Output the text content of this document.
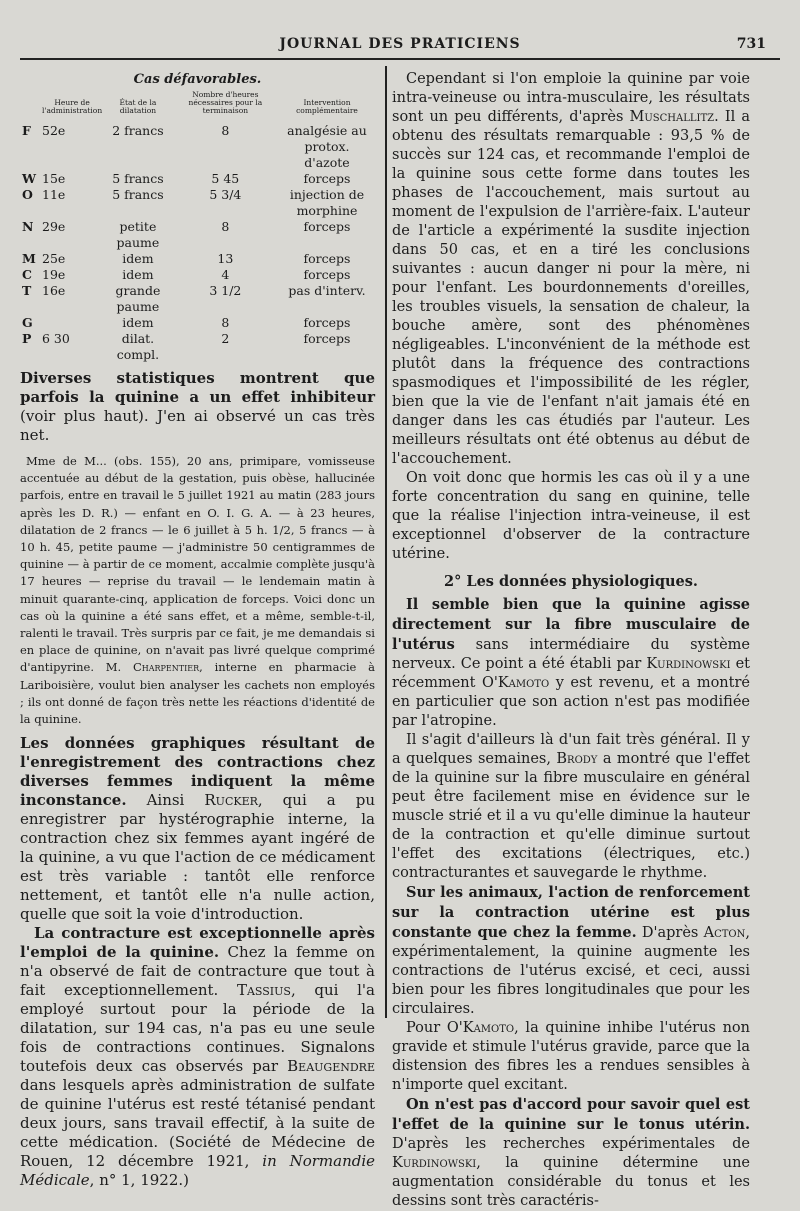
JOURNAL DES PRATICIENS	731
Cas défavorables.
	Heure de l'administration	État de la dilatation	Nombre d'heures nécessaires pour la terminaison	Intervention complémentaire
F	52e	2 francs	8	analgésie au protox. d'azote
W	15e	5 francs	5 45	forceps
O	11e	5 francs	5 3/4	injection de morphine
N	29e	petite paume	8	forceps
M	25e	idem	13	forceps
C	19e	idem	4	forceps
T	16e	grande paume	3 1/2	pas d'interv.
G		idem	8	forceps
P	6 30	dilat. compl.	2	forceps

Diverses statistiques montrent que parfois la quinine a un effet inhibiteur (voir plus haut). J'en ai observé un cas très net.

Mme de M... (obs. 155), 20 ans, primipare, vomisseuse accentuée au début de la gestation, puis obèse, hallucinée parfois, entre en travail le 5 juillet 1921 au matin (283 jours après les D. R.) — enfant en O. I. G. A. — à 23 heures, dilatation de 2 francs — le 6 juillet à 5 h. 1/2, 5 francs — à 10 h. 45, petite paume — j'administre 50 centigrammes de quinine — à partir de ce moment, accalmie complète jusqu'à 17 heures — reprise du travail — le lendemain matin à minuit quarante-cinq, application de forceps. Voici donc un cas où la quinine a été sans effet, et a même, semble-t-il, ralenti le travail. Très surpris par ce fait, je me demandais si en place de quinine, on n'avait pas livré quelque comprimé d'antipyrine. M. Charpentier, interne en pharmacie à Lariboisière, voulut bien analyser les cachets non employés ; ils ont donné de façon très nette les réactions d'identité de la quinine.

Les données graphiques résultant de l'enregistrement des contractions chez diverses femmes indiquent la même inconstance. Ainsi Rucker, qui a pu enregistrer par hystérographie interne, la contraction chez six femmes ayant ingéré de la quinine, a vu que l'action de ce médicament est très variable : tantôt elle renforce nettement, et tantôt elle n'a nulle action, quelle que soit la voie d'introduction.

La contracture est exceptionnelle après l'emploi de la quinine. Chez la femme on n'a observé de fait de contracture que tout à fait exceptionnellement. Tassius, qui l'a employé surtout pour la période de la dilatation, sur 194 cas, n'a pas eu une seule fois de contractions continues. Signalons toutefois deux cas observés par Beaugendre dans lesquels après administration de sulfate de quinine l'utérus est resté tétanisé pendant deux jours, sans travail effectif, à la suite de cette médication. (Société de Médecine de Rouen, 12 décembre 1921, in Normandie Médicale, n° 1, 1922.)

Cependant si l'on emploie la quinine par voie intra-veineuse ou intra-musculaire, les résultats sont un peu différents, d'après Muschallitz. Il a obtenu des résultats remarquable : 93,5 % de succès sur 124 cas, et recommande l'emploi de la quinine sous cette forme dans toutes les phases de l'accouchement, mais surtout au moment de l'expulsion de l'arrière-faix. L'auteur de l'article a expérimenté la susdite injection dans 50 cas, et en a tiré les conclusions suivantes : aucun danger ni pour la mère, ni pour l'enfant. Les bourdonnements d'oreilles, les troubles visuels, la sensation de chaleur, la bouche amère, sont des phénomènes négligeables. L'inconvénient de la méthode est plutôt dans la fréquence des contractions spasmodiques et l'impossibilité de les régler, bien que la vie de l'enfant n'ait jamais été en danger dans les cas étudiés par l'auteur. Les meilleurs résultats ont été obtenus au début de l'accouchement.

On voit donc que hormis les cas où il y a une forte concentration du sang en quinine, telle que la réalise l'injection intra-veineuse, il est exceptionnel d'observer de la contracture utérine.

2° Les données physiologiques.

Il semble bien que la quinine agisse directement sur la fibre musculaire de l'utérus sans intermédiaire du système nerveux. Ce point a été établi par Kurdinowski et récemment O'Kamoto y est revenu, et a montré en particulier que son action n'est pas modifiée par l'atropine.

Il s'agit d'ailleurs là d'un fait très général. Il y a quelques semaines, Brody a montré que l'effet de la quinine sur la fibre musculaire en général peut être facilement mise en évidence sur le muscle strié et il a vu qu'elle diminue la hauteur de la contraction et qu'elle diminue surtout l'effet des excitations (électriques, etc.) contracturantes et sauvegarde le rhythme.

Sur les animaux, l'action de renforcement sur la contraction utérine est plus constante que chez la femme. D'après Acton, expérimentalement, la quinine augmente les contractions de l'utérus excisé, et ceci, aussi bien pour les fibres longitudinales que pour les circulaires.

Pour O'Kamoto, la quinine inhibe l'utérus non gravide et stimule l'utérus gravide, parce que la distension des fibres les a rendues sensibles à n'importe quel excitant.

On n'est pas d'accord pour savoir quel est l'effet de la quinine sur le tonus utérin. D'après les recherches expérimentales de Kurdinowski, la quinine détermine une augmentation considérable du tonus et les dessins sont très caractéris-
